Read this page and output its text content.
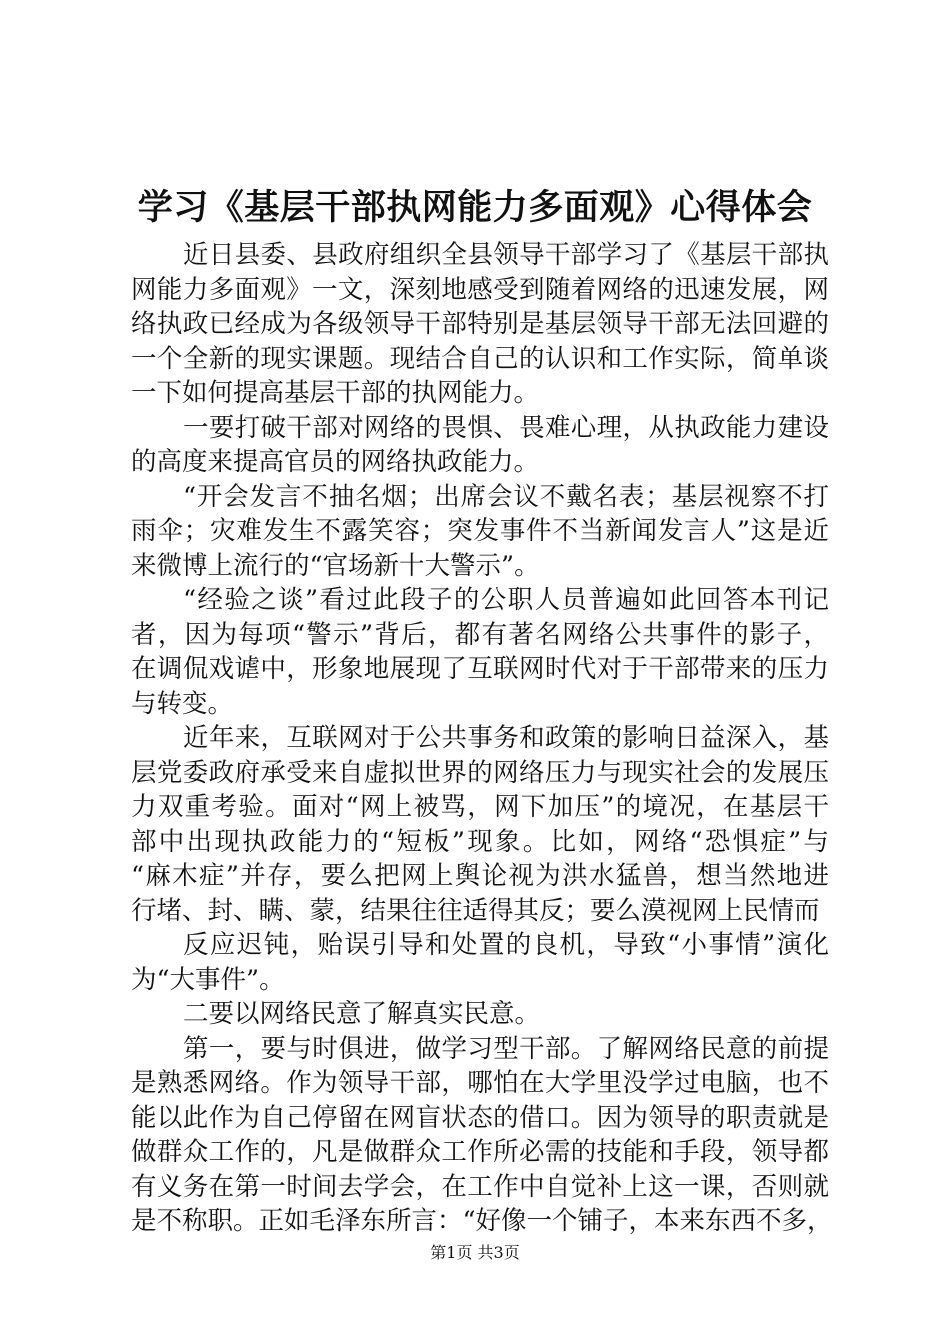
学习《基层干部执网能力多面观》心得体会
近日县委、县政府组织全县领导干部学习了《基层干部执
网能力多面观》一文，深刻地感受到随着网络的迅速发展，网
络执政已经成为各级领导干部特别是基层领导干部无法回避的
一个全新的现实课题。现结合自己的认识和工作实际，简单谈
一下如何提高基层干部的执网能力。
一要打破干部对网络的畏惧、畏难心理，从执政能力建设
的高度来提高官员的网络执政能力。
“开会发言不抽名烟；出席会议不戴名表；基层视察不打
雨伞；灾难发生不露笑容；突发事件不当新闻发言人”这是近
来微博上流行的“官场新十大警示”。
“经验之谈”看过此段子的公职人员普遍如此回答本刊记
者，因为每项“警示”背后，都有著名网络公共事件的影子，
在调侃戏谑中，形象地展现了互联网时代对于干部带来的压力
与转变。
近年来，互联网对于公共事务和政策的影响日益深入，基
层党委政府承受来自虚拟世界的网络压力与现实社会的发展压
力双重考验。面对“网上被骂，网下加压”的境况，在基层干
部中出现执政能力的“短板”现象。比如，网络“恐惧症”与
“麻木症”并存，要么把网上舆论视为洪水猛兽，想当然地进
行堵、封、瞒、蒙，结果往往适得其反；要么漠视网上民情而
反应迟钝，贻误引导和处置的良机，导致“小事情”演化
为“大事件”。
二要以网络民意了解真实民意。
第一，要与时俱进，做学习型干部。了解网络民意的前提
是熟悉网络。作为领导干部，哪怕在大学里没学过电脑，也不
能以此作为自己停留在网盲状态的借口。因为领导的职责就是
做群众工作的，凡是做群众工作所必需的技能和手段，领导都
有义务在第一时间去学会，在工作中自觉补上这一课，否则就
是不称职。正如毛泽东所言：“好像一个铺子，本来东西不多，
第1页 共3页
